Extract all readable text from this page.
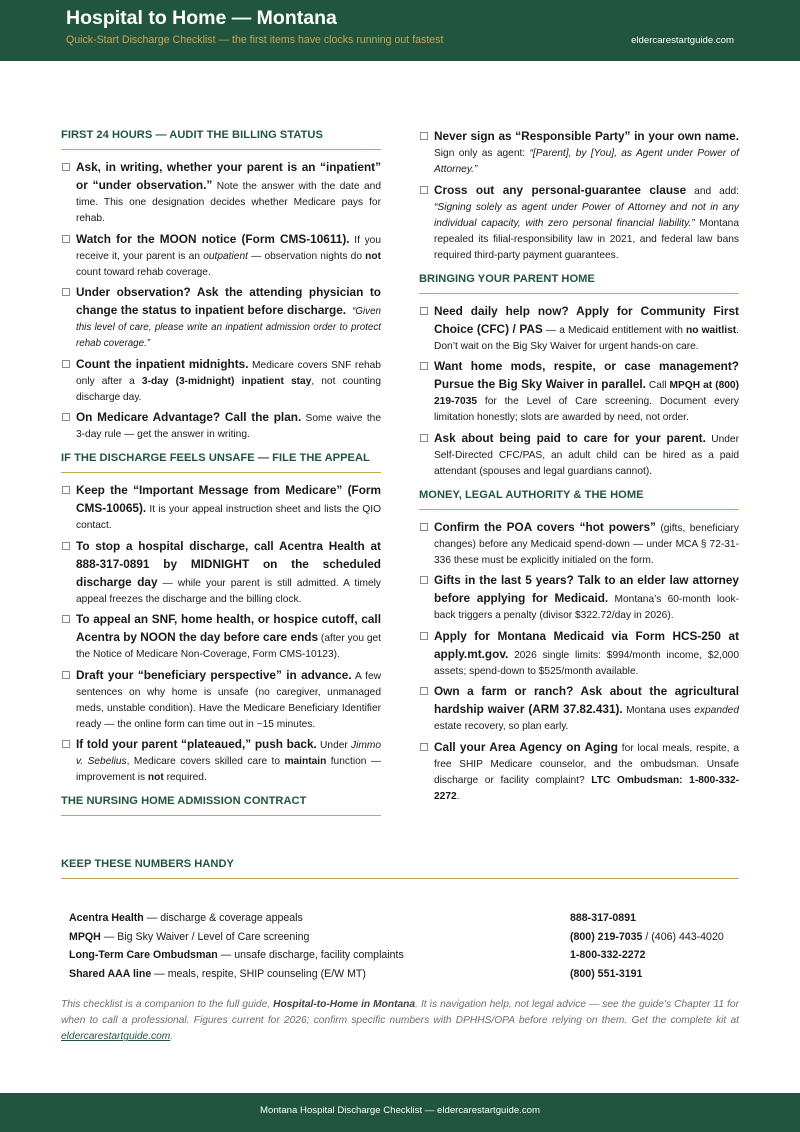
Hospital to Home — Montana
Quick-Start Discharge Checklist — the first items have clocks running out fastest	eldercarestartguide.com
FIRST 24 HOURS — AUDIT THE BILLING STATUS
Ask, in writing, whether your parent is an “inpatient” or “under observation.” Note the answer with the date and time. This one designation decides whether Medicare pays for rehab.
Watch for the MOON notice (Form CMS-10611). If you receive it, your parent is an outpatient — observation nights do not count toward rehab coverage.
Under observation? Ask the attending physician to change the status to inpatient before discharge. “Given this level of care, please write an inpatient admission order to protect rehab coverage.”
Count the inpatient midnights. Medicare covers SNF rehab only after a 3-day (3-midnight) inpatient stay, not counting discharge day.
On Medicare Advantage? Call the plan. Some waive the 3-day rule — get the answer in writing.
IF THE DISCHARGE FEELS UNSAFE — FILE THE APPEAL
Keep the “Important Message from Medicare” (Form CMS-10065). It is your appeal instruction sheet and lists the QIO contact.
To stop a hospital discharge, call Acentra Health at 888-317-0891 by MIDNIGHT on the scheduled discharge day — while your parent is still admitted. A timely appeal freezes the discharge and the billing clock.
To appeal an SNF, home health, or hospice cutoff, call Acentra by NOON the day before care ends (after you get the Notice of Medicare Non-Coverage, Form CMS-10123).
Draft your “beneficiary perspective” in advance. A few sentences on why home is unsafe (no caregiver, unmanaged meds, unstable condition). Have the Medicare Beneficiary Identifier ready — the online form can time out in ~15 minutes.
If told your parent “plateaued,” push back. Under Jimmo v. Sebelius, Medicare covers skilled care to maintain function — improvement is not required.
THE NURSING HOME ADMISSION CONTRACT
Never sign as “Responsible Party” in your own name. Sign only as agent: “[Parent], by [You], as Agent under Power of Attorney.”
Cross out any personal-guarantee clause and add: “Signing solely as agent under Power of Attorney and not in any individual capacity, with zero personal financial liability.” Montana repealed its filial-responsibility law in 2021, and federal law bans required third-party payment guarantees.
BRINGING YOUR PARENT HOME
Need daily help now? Apply for Community First Choice (CFC) / PAS — a Medicaid entitlement with no waitlist. Don’t wait on the Big Sky Waiver for urgent hands-on care.
Want home mods, respite, or case management? Pursue the Big Sky Waiver in parallel. Call MPQH at (800) 219-7035 for the Level of Care screening. Document every limitation honestly; slots are awarded by need, not order.
Ask about being paid to care for your parent. Under Self-Directed CFC/PAS, an adult child can be hired as a paid attendant (spouses and legal guardians cannot).
MONEY, LEGAL AUTHORITY & THE HOME
Confirm the POA covers “hot powers” (gifts, beneficiary changes) before any Medicaid spend-down — under MCA § 72-31-336 these must be explicitly initialed on the form.
Gifts in the last 5 years? Talk to an elder law attorney before applying for Medicaid. Montana’s 60-month look-back triggers a penalty (divisor $322.72/day in 2026).
Apply for Montana Medicaid via Form HCS-250 at apply.mt.gov. 2026 single limits: $994/month income, $2,000 assets; spend-down to $525/month available.
Own a farm or ranch? Ask about the agricultural hardship waiver (ARM 37.82.431). Montana uses expanded estate recovery, so plan early.
Call your Area Agency on Aging for local meals, respite, a free SHIP Medicare counselor, and the ombudsman. Unsafe discharge or facility complaint? LTC Ombudsman: 1-800-332-2272.
KEEP THESE NUMBERS HANDY
Acentra Health — discharge & coverage appeals	888-317-0891
MPQH — Big Sky Waiver / Level of Care screening	(800) 219-7035 / (406) 443-4020
Long-Term Care Ombudsman — unsafe discharge, facility complaints	1-800-332-2272
Shared AAA line — meals, respite, SHIP counseling (E/W MT)	(800) 551-3191
This checklist is a companion to the full guide, Hospital-to-Home in Montana. It is navigation help, not legal advice — see the guide’s Chapter 11 for when to call a professional. Figures current for 2026; confirm specific numbers with DPHHS/OPA before relying on them. Get the complete kit at eldercarestartguide.com.
Montana Hospital Discharge Checklist — eldercarestartguide.com
